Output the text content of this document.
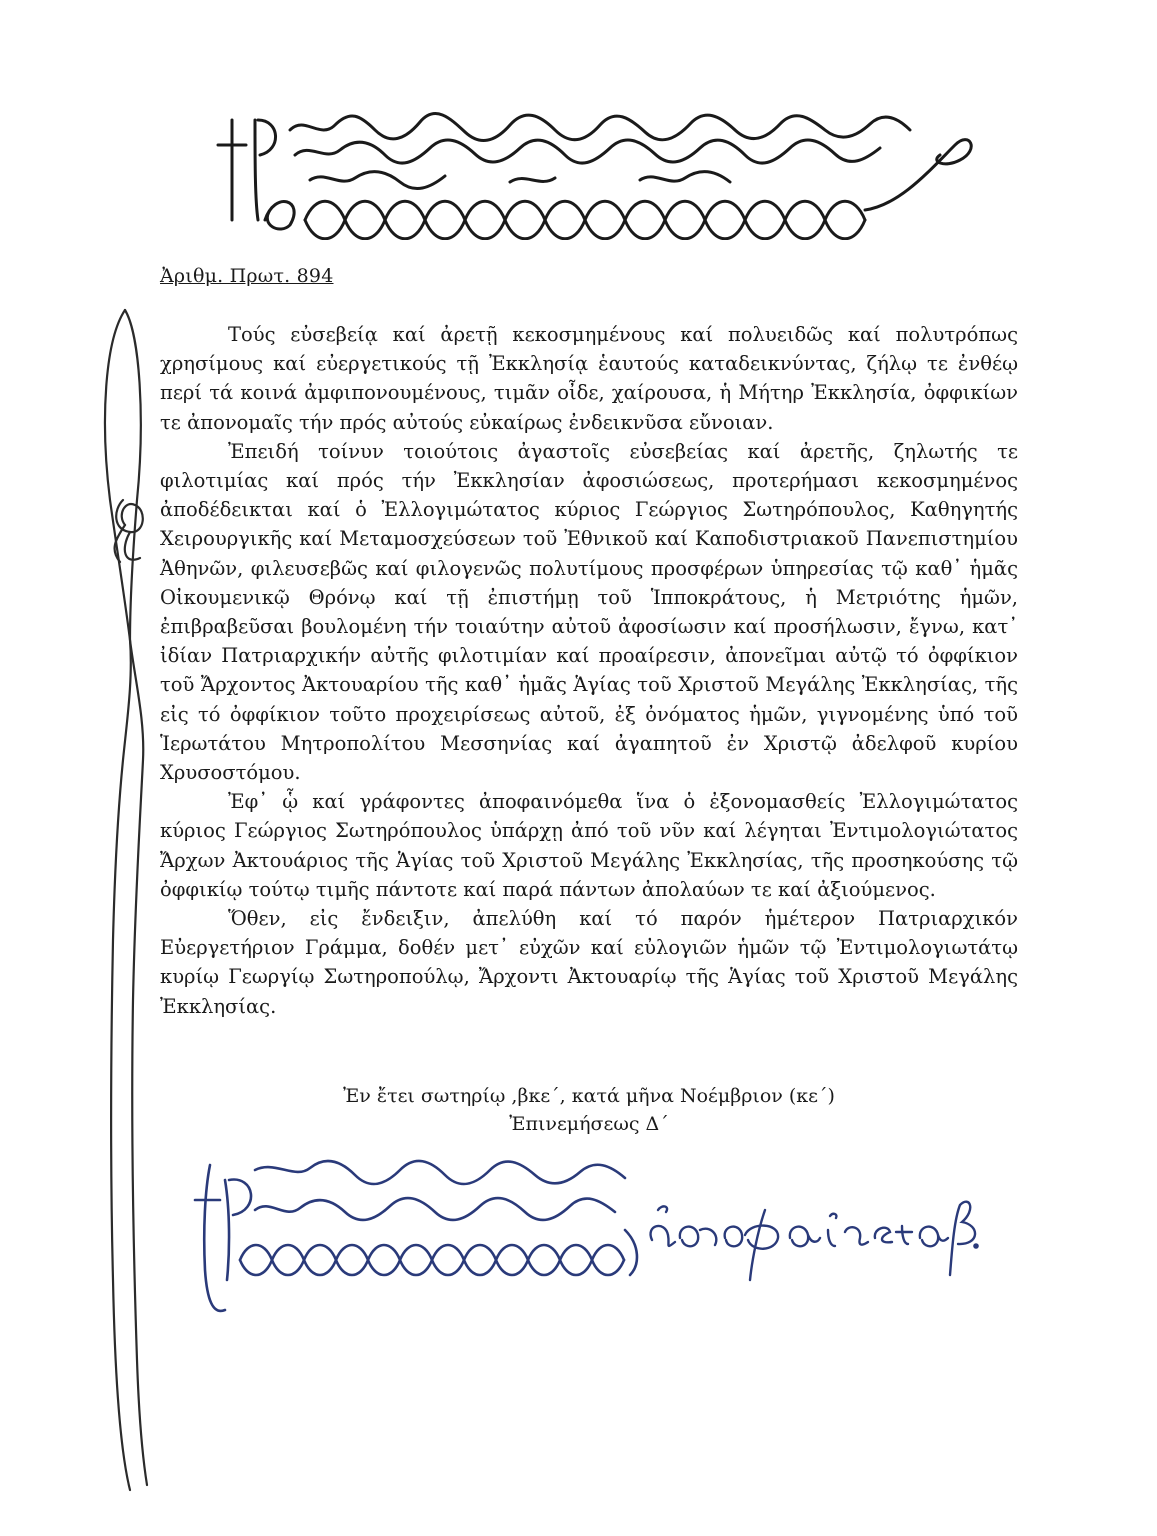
Ἀριθμ. Πρωτ. 894

Τούς εὐσεβείᾳ καί ἀρετῇ κεκοσμημένους καί πολυειδῶς καί πολυτρόπως χρησίμους καί εὐεργετικούς τῇ Ἐκκλησίᾳ ἑαυτούς καταδεικνύντας, ζήλῳ τε ἐνθέῳ περί τά κοινά ἀμφιπονουμένους, τιμᾶν οἶδε, χαίρουσα, ἡ Μήτηρ Ἐκκλησία, ὀφφικίων τε ἀπονομαῖς τήν πρός αὐτούς εὐκαίρως ἐνδεικνῦσα εὔνοιαν.

Ἐπειδή τοίνυν τοιούτοις ἀγαστοῖς εὐσεβείας καί ἀρετῆς, ζηλωτής τε φιλοτιμίας καί πρός τήν Ἐκκλησίαν ἀφοσιώσεως, προτερήμασι κεκοσμημένος ἀποδέδεικται καί ὁ Ἐλλογιμώτατος κύριος Γεώργιος Σωτηρόπουλος, Καθηγητής Χειρουργικῆς καί Μεταμοσχεύσεων τοῦ Ἐθνικοῦ καί Καποδιστριακοῦ Πανεπιστημίου Ἀθηνῶν, φιλευσεβῶς καί φιλογενῶς πολυτίμους προσφέρων ὑπηρεσίας τῷ καθ᾽ ἡμᾶς Οἰκουμενικῷ Θρόνῳ καί τῇ ἐπιστήμῃ τοῦ Ἱπποκράτους, ἡ Μετριότης ἡμῶν, ἐπιβραβεῦσαι βουλομένη τήν τοιαύτην αὐτοῦ ἀφοσίωσιν καί προσήλωσιν, ἔγνω, κατ᾽ ἰδίαν Πατριαρχικήν αὐτῆς φιλοτιμίαν καί προαίρεσιν, ἀπονεῖμαι αὐτῷ τό ὀφφίκιον τοῦ Ἄρχοντος Ἀκτουαρίου τῆς καθ᾽ ἡμᾶς Ἁγίας τοῦ Χριστοῦ Μεγάλης Ἐκκλησίας, τῆς εἰς τό ὀφφίκιον τοῦτο προχειρίσεως αὐτοῦ, ἐξ ὀνόματος ἡμῶν, γιγνομένης ὑπό τοῦ Ἱερωτάτου Μητροπολίτου Μεσσηνίας καί ἀγαπητοῦ ἐν Χριστῷ ἀδελφοῦ κυρίου Χρυσοστόμου.

Ἐφ᾽ ᾧ καί γράφοντες ἀποφαινόμεθα ἵνα ὁ ἐξονομασθείς Ἐλλογιμώτατος κύριος Γεώργιος Σωτηρόπουλος ὑπάρχῃ ἀπό τοῦ νῦν καί λέγηται Ἐντιμολογιώτατος Ἄρχων Ἀκτουάριος τῆς Ἁγίας τοῦ Χριστοῦ Μεγάλης Ἐκκλησίας, τῆς προσηκούσης τῷ ὀφφικίῳ τούτῳ τιμῆς πάντοτε καί παρά πάντων ἀπολαύων τε καί ἀξιούμενος.

Ὅθεν, εἰς ἔνδειξιν, ἀπελύθη καί τό παρόν ἡμέτερον Πατριαρχικόν Εὐεργετήριον Γράμμα, δοθέν μετ᾽ εὐχῶν καί εὐλογιῶν ἡμῶν τῷ Ἐντιμολογιωτάτῳ κυρίῳ Γεωργίῳ Σωτηροπούλῳ, Ἄρχοντι Ἀκτουαρίῳ τῆς Ἁγίας τοῦ Χριστοῦ Μεγάλης Ἐκκλησίας.

Ἐν ἔτει σωτηρίῳ ,βκε΄, κατά μῆνα Νοέμβριον (κε΄)
Ἐπινεμήσεως Δ΄
